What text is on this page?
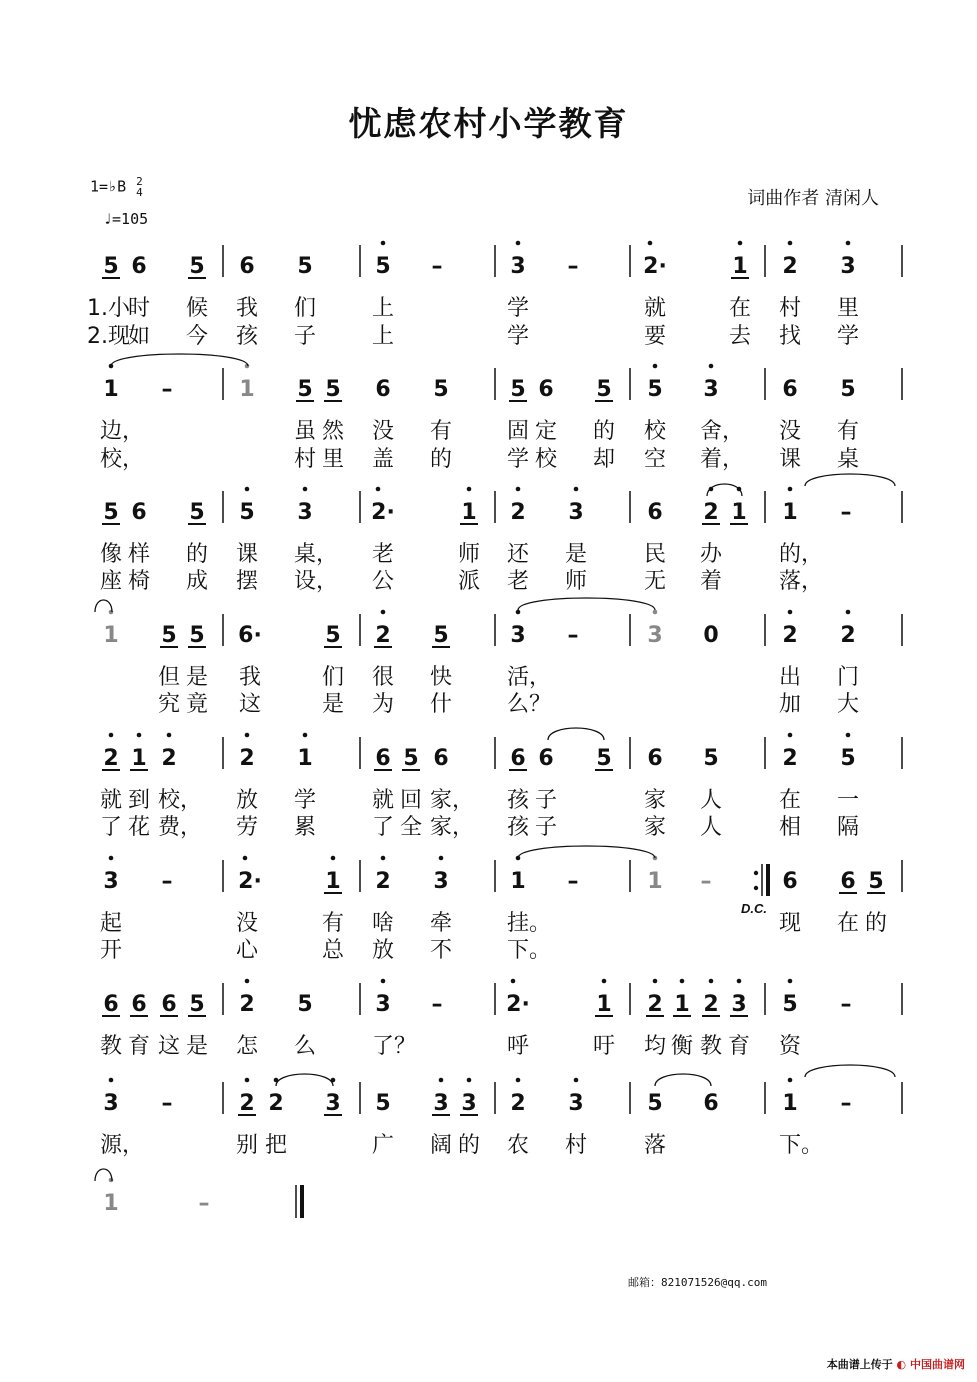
忧虑农村小学教育
1=♭B 2
4
♩=105
词曲作者 清闲人
5 6 5 6 5	5 –	3 –	2·	1 2 3
1.小
时 候 我 们	上	学	就	在 村 里
2.现
如 今 孩 子	上	学	要	去 找 学
1 –	1 5 5 6 5	5 6 5 5 3	6 5
边，	虽 然 没 有 固 定 的 校 舍， 没 有
校，	村 里 盖 的 学 校 却 空 着， 课 桌
5 6 5 5 3	2·	1 2 3	6 2 1 1 –
像 样 的 课 桌， 老	师 还 是	民 办	的，
座 椅 成 摆 设， 公	派 老 师	无 着	落，
1 5 5 6·	5 2 5	3 –	3 0	2 2
但 是 我	们 很 快 活，	出 门
究 竟 这	是 为 什 么？	加 大
2 1 2	2 1	6 5 6	6 6 5 6 5	2 5
就 到 校， 放 学	就 回 家， 孩 子	家 人	在 一
了 花 费， 劳 累	了 全 家， 孩 子	家 人	相 隔
3 –	2·	1 2 3	1 –	1 –	6 6 5
起	没	有 啥 牵 挂。	现 在 的
开	心	总 放 不 下。
6 6 6 5 2 5	3 –	2·	1 2 1 2 3 5 –
教 育 这 是 怎 么	了？	呼	吁 均 衡 教 育 资
3 –	2 2 3 5 3 3 2 3	5 6	1 –
源，	别 把	广 阔 的 农 村	落	下。
1	–
D.C.
邮箱：821071526@qq.com
本曲谱上传于 ◐ 中国曲谱网
